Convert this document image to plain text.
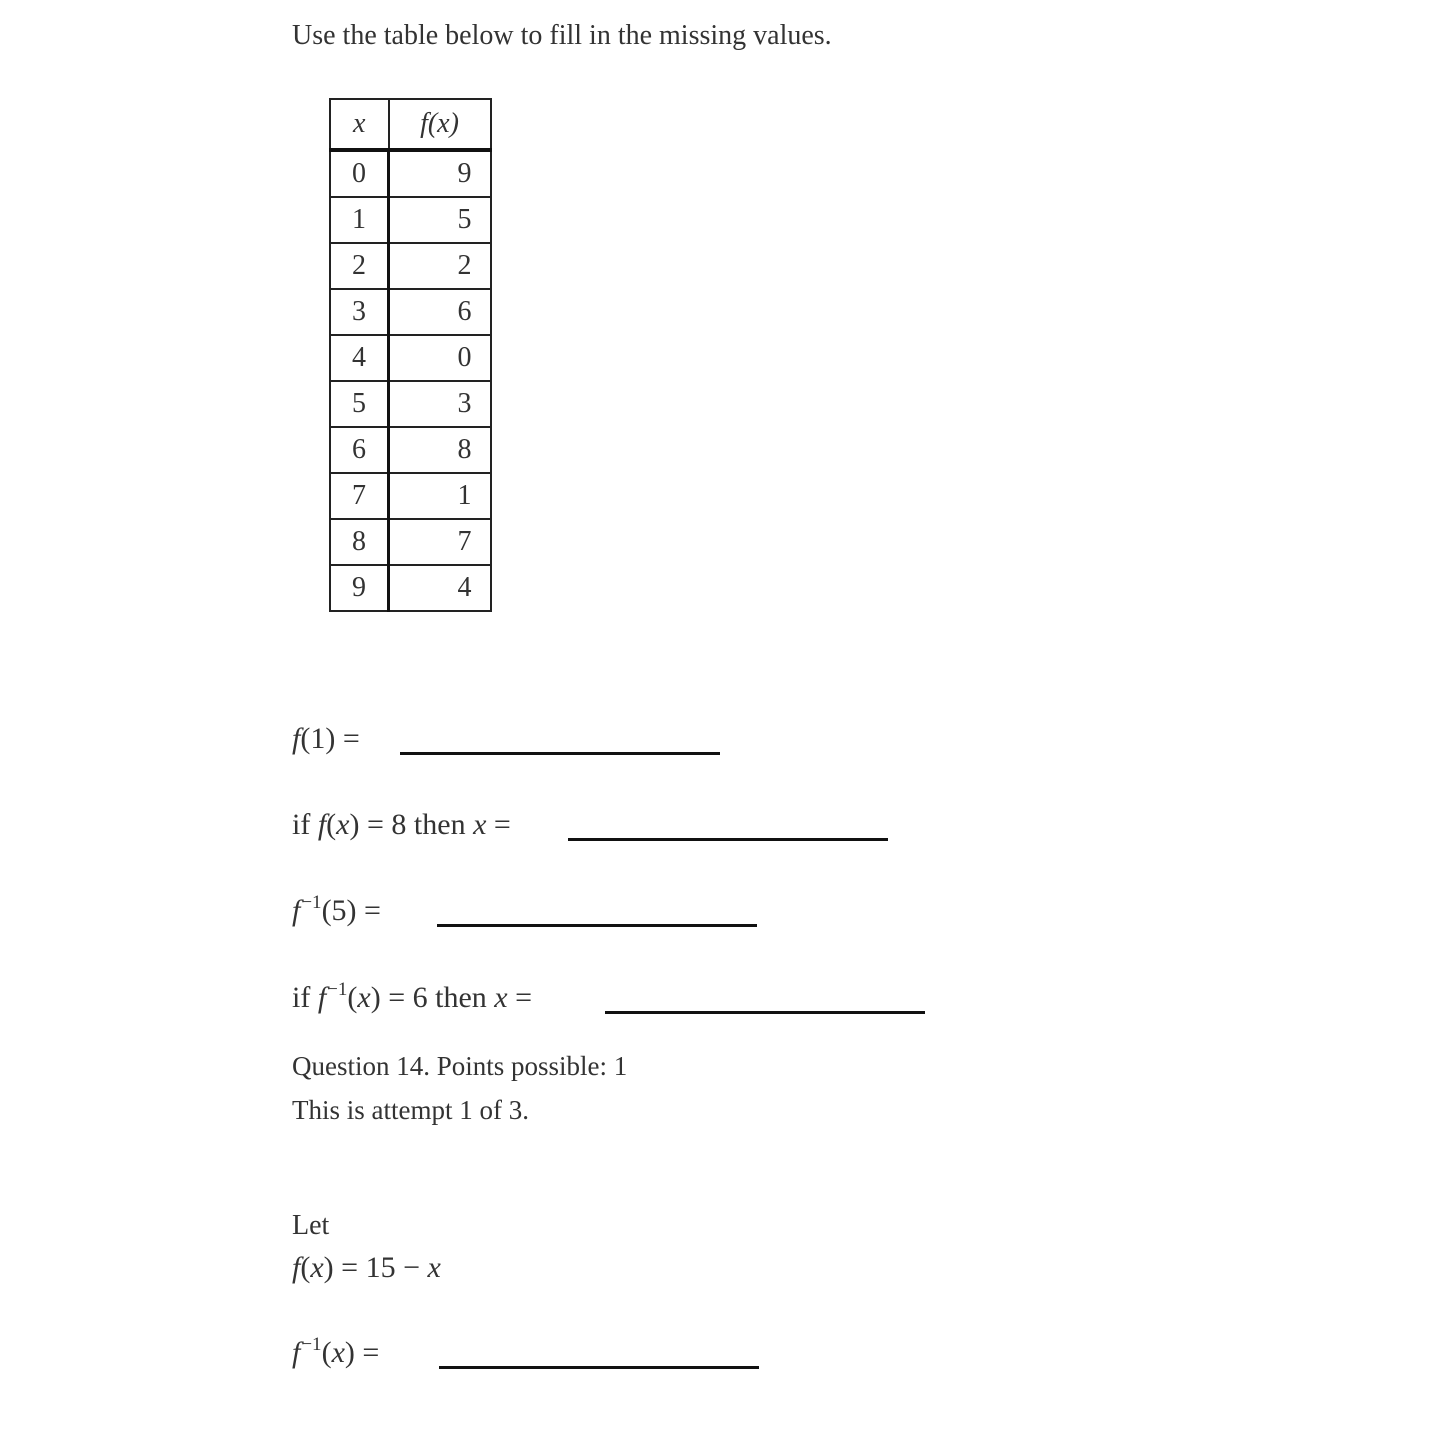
Use the table below to fill in the missing values.
x	f(x)
0	9
1	5
2	2
3	6
4	0
5	3
6	8
7	1
8	7
9	4
f(1) =
if f(x) = 8 then x =
$f^{-1}(5)$ =
if $f^{-1}(x) = 6$ then x =
Question 14. Points possible: 1
This is attempt 1 of 3.
Let
f(x) = 15 − x
$f^{-1}(x)$ =
